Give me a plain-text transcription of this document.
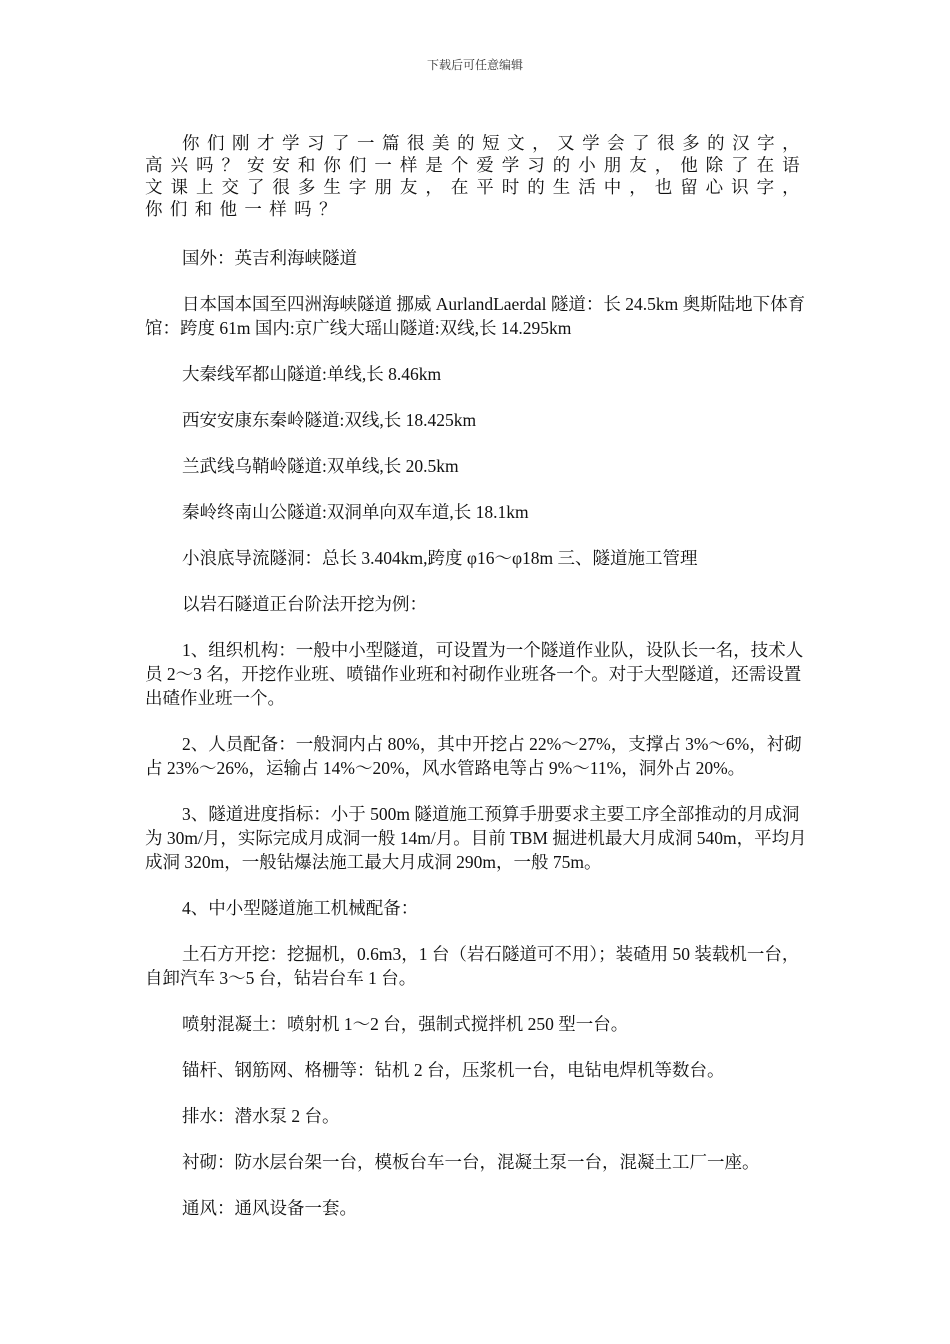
下载后可任意编辑

你们刚才学习了一篇很美的短文，又学会了很多的汉字，高兴吗？安安和你们一样是个爱学习的小朋友，他除了在语文课上交了很多生字朋友，在平时的生活中，也留心识字，你们和他一样吗？

国外：英吉利海峡隧道

日本国本国至四洲海峡隧道 挪威 AurlandLaerdal 隧道：长 24.5km 奥斯陆地下体育馆：跨度 61m 国内:京广线大瑶山隧道:双线,长 14.295km

大秦线军都山隧道:单线,长 8.46km

西安安康东秦岭隧道:双线,长 18.425km

兰武线乌鞘岭隧道:双单线,长 20.5km

秦岭终南山公隧道:双洞单向双车道,长 18.1km

小浪底导流隧洞：总长 3.404km,跨度 φ16～φ18m 三、隧道施工管理

以岩石隧道正台阶法开挖为例：

1、组织机构：一般中小型隧道，可设置为一个隧道作业队，设队长一名，技术人员 2～3 名，开挖作业班、喷锚作业班和衬砌作业班各一个。对于大型隧道，还需设置出碴作业班一个。

2、人员配备：一般洞内占 80%，其中开挖占 22%～27%，支撑占 3%～6%，衬砌占 23%～26%，运输占 14%～20%，风水管路电等占 9%～11%，洞外占 20%。

3、隧道进度指标：小于 500m 隧道施工预算手册要求主要工序全部推动的月成洞为 30m/月，实际完成月成洞一般 14m/月。目前 TBM 掘进机最大月成洞 540m，平均月成洞 320m，一般钻爆法施工最大月成洞 290m，一般 75m。

4、中小型隧道施工机械配备：

土石方开挖：挖掘机，0.6m3，1 台（岩石隧道可不用）；装碴用 50 装载机一台，自卸汽车 3～5 台，钻岩台车 1 台。

喷射混凝土：喷射机 1～2 台，强制式搅拌机 250 型一台。

锚杆、钢筋网、格栅等：钻机 2 台，压浆机一台，电钻电焊机等数台。

排水：潜水泵 2 台。

衬砌：防水层台架一台，模板台车一台，混凝土泵一台，混凝土工厂一座。

通风：通风设备一套。
